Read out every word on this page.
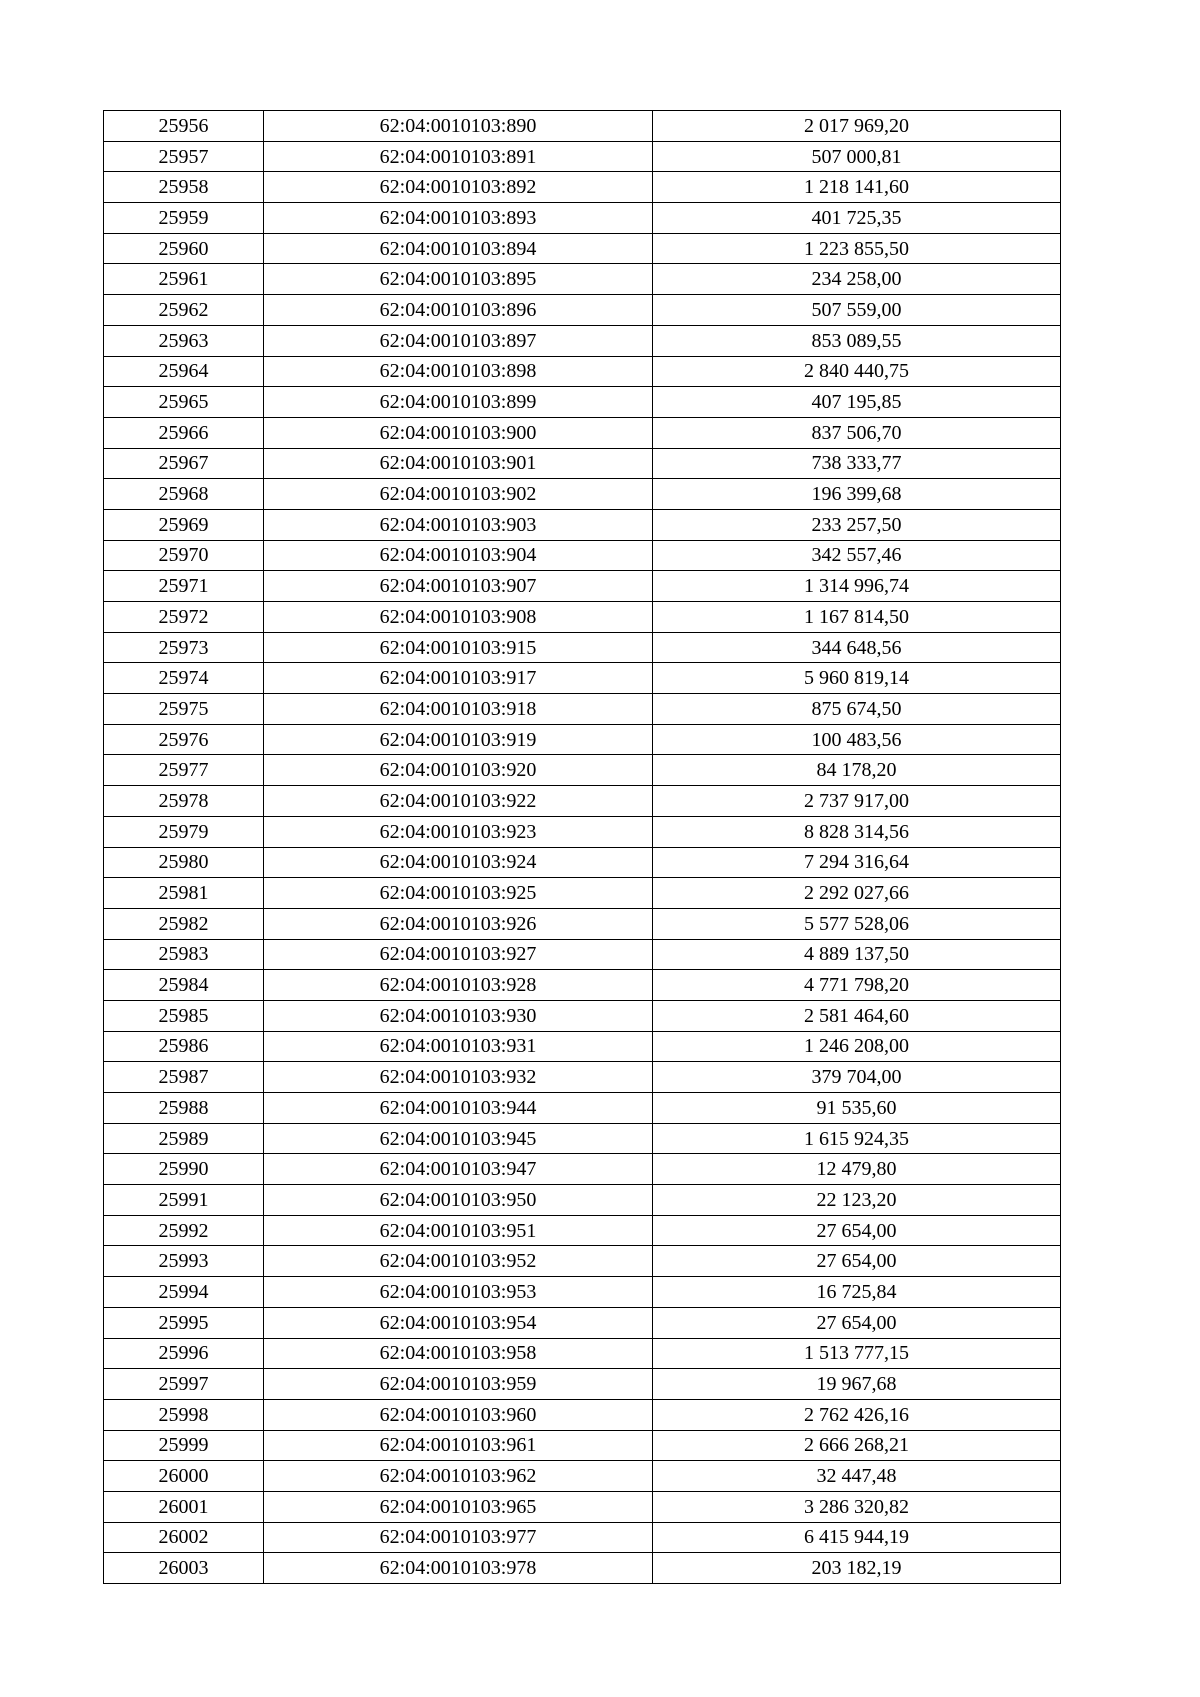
25956	62:04:0010103:890	2 017 969,20
25957	62:04:0010103:891	507 000,81
25958	62:04:0010103:892	1 218 141,60
25959	62:04:0010103:893	401 725,35
25960	62:04:0010103:894	1 223 855,50
25961	62:04:0010103:895	234 258,00
25962	62:04:0010103:896	507 559,00
25963	62:04:0010103:897	853 089,55
25964	62:04:0010103:898	2 840 440,75
25965	62:04:0010103:899	407 195,85
25966	62:04:0010103:900	837 506,70
25967	62:04:0010103:901	738 333,77
25968	62:04:0010103:902	196 399,68
25969	62:04:0010103:903	233 257,50
25970	62:04:0010103:904	342 557,46
25971	62:04:0010103:907	1 314 996,74
25972	62:04:0010103:908	1 167 814,50
25973	62:04:0010103:915	344 648,56
25974	62:04:0010103:917	5 960 819,14
25975	62:04:0010103:918	875 674,50
25976	62:04:0010103:919	100 483,56
25977	62:04:0010103:920	84 178,20
25978	62:04:0010103:922	2 737 917,00
25979	62:04:0010103:923	8 828 314,56
25980	62:04:0010103:924	7 294 316,64
25981	62:04:0010103:925	2 292 027,66
25982	62:04:0010103:926	5 577 528,06
25983	62:04:0010103:927	4 889 137,50
25984	62:04:0010103:928	4 771 798,20
25985	62:04:0010103:930	2 581 464,60
25986	62:04:0010103:931	1 246 208,00
25987	62:04:0010103:932	379 704,00
25988	62:04:0010103:944	91 535,60
25989	62:04:0010103:945	1 615 924,35
25990	62:04:0010103:947	12 479,80
25991	62:04:0010103:950	22 123,20
25992	62:04:0010103:951	27 654,00
25993	62:04:0010103:952	27 654,00
25994	62:04:0010103:953	16 725,84
25995	62:04:0010103:954	27 654,00
25996	62:04:0010103:958	1 513 777,15
25997	62:04:0010103:959	19 967,68
25998	62:04:0010103:960	2 762 426,16
25999	62:04:0010103:961	2 666 268,21
26000	62:04:0010103:962	32 447,48
26001	62:04:0010103:965	3 286 320,82
26002	62:04:0010103:977	6 415 944,19
26003	62:04:0010103:978	203 182,19
